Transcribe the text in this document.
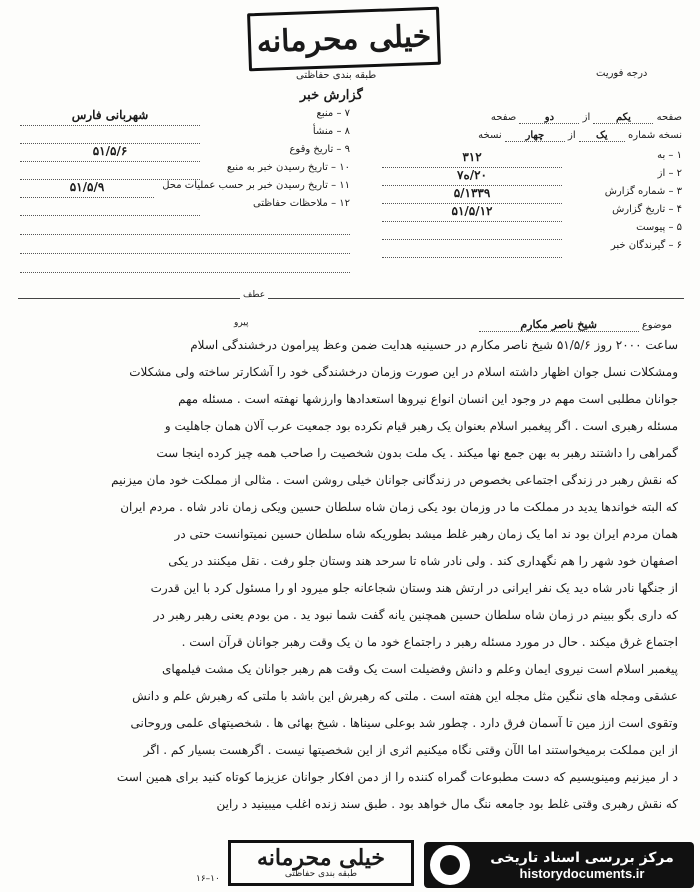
خیلی محرمانه
طبقه بندی حفاظتی
گزارش خبر
درجه فوریت
صفحه یکم از دو صفحه
نسخه شماره یک از چهار نسخه
۱ – به
۳۱۲
۲ – از
۲۰/ه۷
۳ – شماره گزارش
۵/۱۳۳۹
۴ – تاریخ گزارش
۵۱/۵/۱۲
۵ – پیوست
۶ – گیرندگان خبر
۷ – منبع
شهربانی فارس
۸ – منشأ
۹ – تاریخ وقوع
۵۱/۵/۶
۱۰ – تاریخ رسیدن خبر به منبع
۱۱ – تاریخ رسیدن خبر بر حسب عملیات محل
۵۱/۵/۹
۱۲ – ملاحظات حفاظتی
عطف
پیرو	موضوع شیخ ناصر مکارم
ساعت ۲۰۰۰ روز ۵۱/۵/۶ شیخ ناصر مکارم در حسینیه هدایت ضمن وعظ پیرامون درخشندگی اسلام
ومشکلات نسل جوان اظهار داشته اسلام در این صورت وزمان درخشندگی خود را آشکارتر ساخته ولی مشکلات
جوانان مطلبی است مهم در وجود این انسان انواع نیروها استعدادها وارزشها نهفته است . مسئله مهم
مسئله رهبری است . اگر پیغمبر اسلام بعنوان یک رهبر قیام نکرده بود جمعیت عرب آلان همان جاهلیت و
گمراهی را داشتند رهبر به بهن جمع نها میکند . یک ملت بدون شخصیت را صاحب همه چیز کرده اینجا ست
که نقش رهبر در زندگی اجتماعی بخصوص در زندگانی جوانان خیلی روشن است . مثالی از مملکت خود مان میزنیم
که البته خواندها یدید در مملکت ما در وزمان بود یکی زمان شاه سلطان حسین ویکی زمان نادر شاه . مردم ایران
همان مردم ایران بود ند اما یک زمان رهبر غلط میشد بطوریکه شاه سلطان حسین نمیتوانست حتی در
اصفهان خود شهر را هم نگهداری کند . ولی نادر شاه تا سرحد هند وستان جلو رفت . نقل میکنند در یکی
از جنگها نادر شاه دید یک نفر ایرانی در ارتش هند وستان شجاعانه جلو میرود او را مسئول کرد با این قدرت
که داری بگو ببینم در زمان شاه سلطان حسین همچنین یانه گفت شما نبود ید . من بودم یعنی رهبر رهبر در
اجتماع غرق میکند . حال در مورد مسئله رهبر د راجتماع خود ما ن یک وقت رهبر جوانان قرآن است .
پیغمبر اسلام است نیروی ایمان وعلم و دانش وفضیلت است یک وقت هم رهبر جوانان یک مشت فیلمهای
عشقی ومجله های ننگین مثل مجله این هفته است . ملتی که رهبرش این باشد با ملتی که رهبرش علم و دانش
وتقوی است ازز مین تا آسمان فرق دارد . چطور شد بوعلی سیناها . شیخ بهائی ها . شخصیتهای علمی وروحانی
از این مملکت برمیخواستند اما الآن وقتی نگاه میکنیم اثری از این شخصیتها نیست . اگرهست بسیار کم . اگر
د ار میزنیم ومینویسیم که دست مطبوعات گمراه کننده را از دمن افکار جوانان عزیزما کوتاه کنید برای همین است
که نقش رهبری وقتی غلط بود جامعه ننگ مال خواهد بود . طبق سند زنده اغلب میبینید د راین
۱۶–۱۰
خیلی محرمانه
طبقه بندی حفاظتی
مرکز بررسی اسناد تاریخی
historydocuments.ir
